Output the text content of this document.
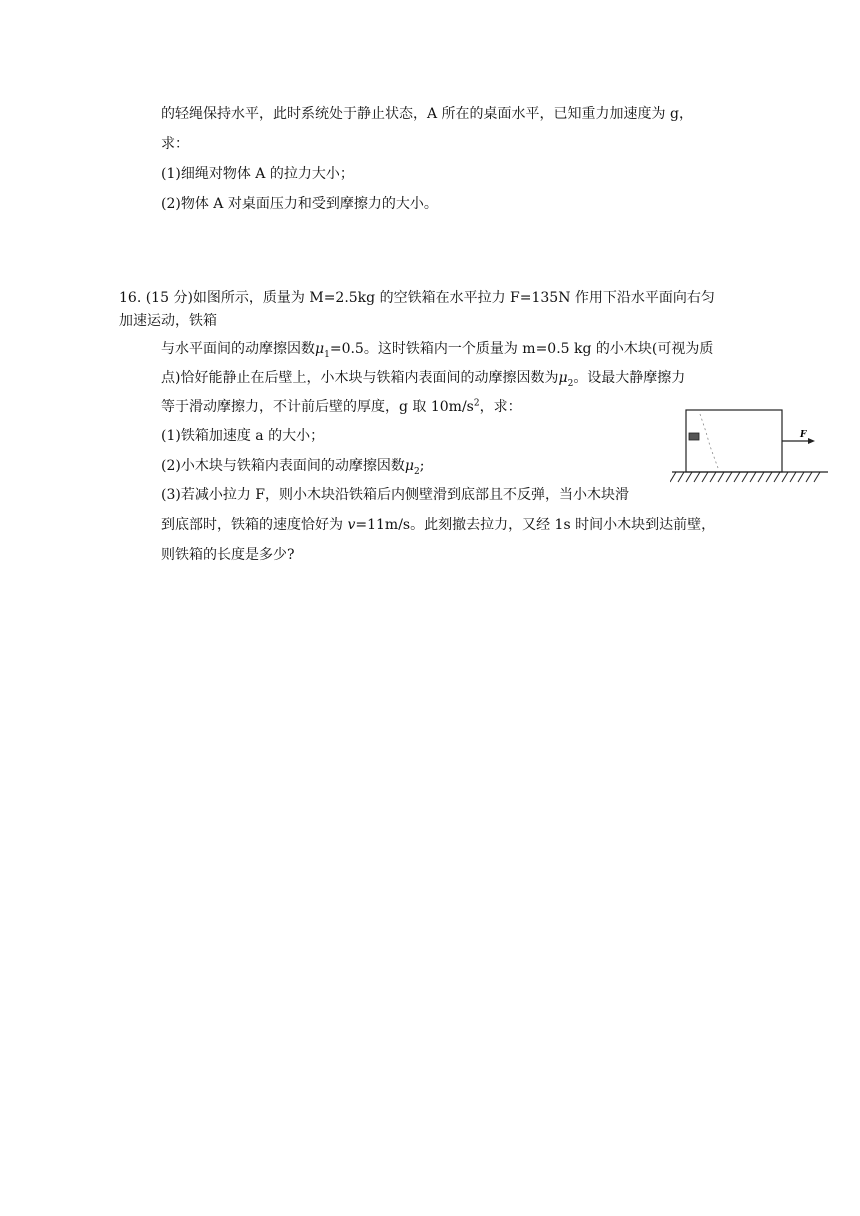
的轻绳保持水平，此时系统处于静止状态，A 所在的桌面水平，已知重力加速度为 g，
求：
(1)细绳对物体 A 的拉力大小；
(2)物体 A 对桌面压力和受到摩擦力的大小。
16. (15 分)如图所示，质量为 M=2.5kg 的空铁箱在水平拉力 F=135N 作用下沿水平面向右匀
加速运动，铁箱
与水平面间的动摩擦因数$\mu_1=0.5$。这时铁箱内一个质量为 m=0.5 kg 的小木块(可视为质
点)恰好能静止在后壁上，小木块与铁箱内表面间的动摩擦因数为$\mu_2$。设最大静摩擦力
等于滑动摩擦力，不计前后壁的厚度，g 取 $10m/s^2$，求：
(1)铁箱加速度 a 的大小；
(2)小木块与铁箱内表面间的动摩擦因数$\mu_2$;
(3)若减小拉力 F，则小木块沿铁箱后内侧壁滑到底部且不反弹，当小木块滑
到底部时，铁箱的速度恰好为 v=11m/s。此刻撤去拉力，又经 1s 时间小木块到达前壁，
则铁箱的长度是多少?
F
